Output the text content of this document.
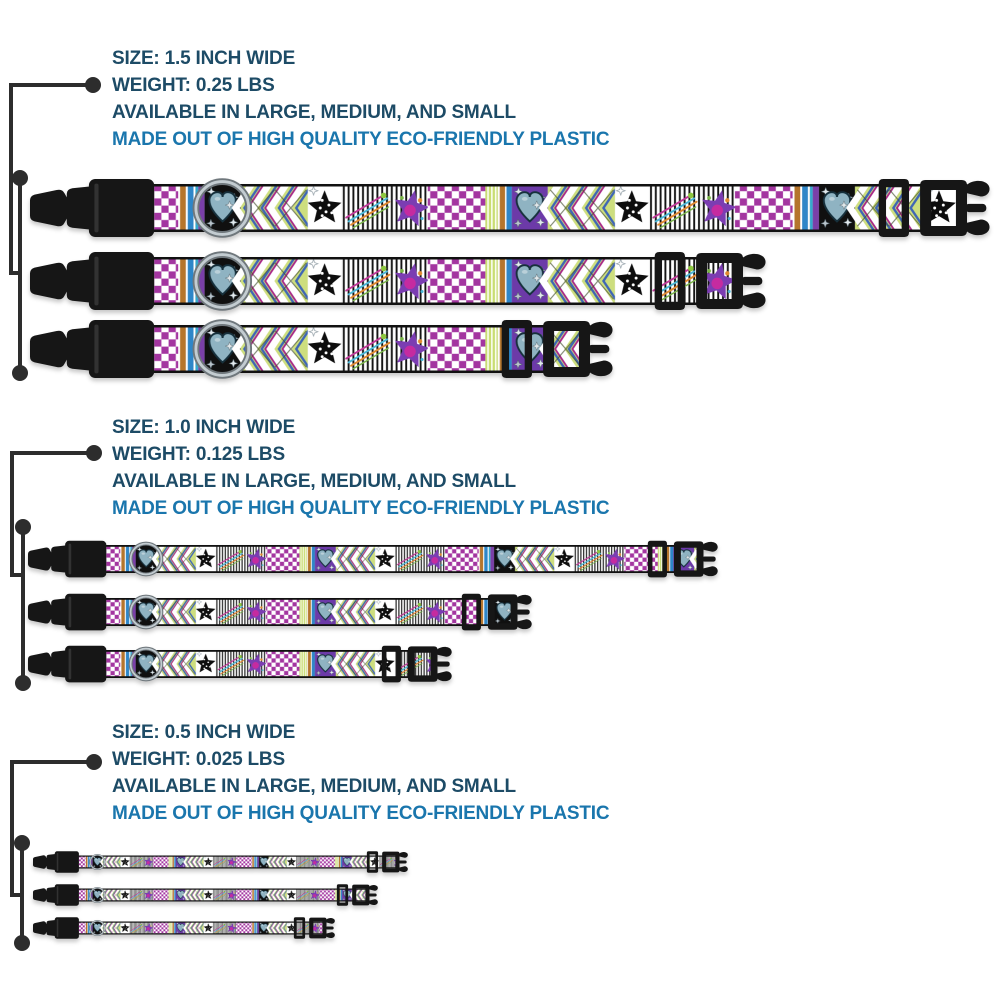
SIZE: 1.5 INCH WIDE
WEIGHT: 0.25 LBS
AVAILABLE IN LARGE, MEDIUM, AND SMALL
MADE OUT OF HIGH QUALITY ECO-FRIENDLY PLASTIC
SIZE: 1.0 INCH WIDE
WEIGHT: 0.125 LBS
AVAILABLE IN LARGE, MEDIUM, AND SMALL
MADE OUT OF HIGH QUALITY ECO-FRIENDLY PLASTIC
SIZE: 0.5 INCH WIDE
WEIGHT: 0.025 LBS
AVAILABLE IN LARGE, MEDIUM, AND SMALL
MADE OUT OF HIGH QUALITY ECO-FRIENDLY PLASTIC
